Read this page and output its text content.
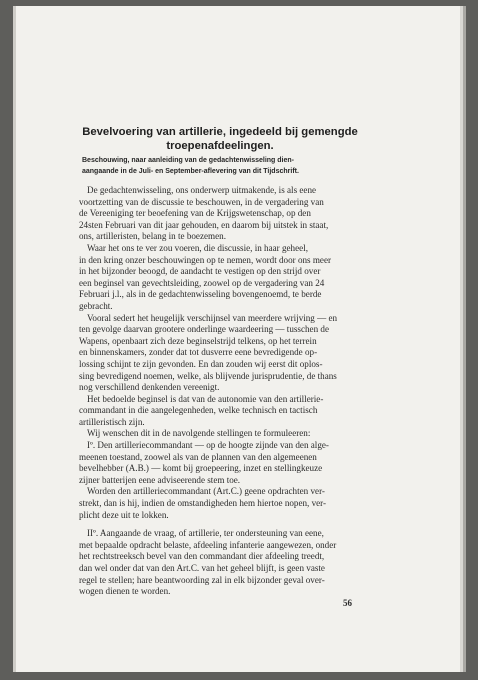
Bevelvoering van artillerie, ingedeeld bij gemengde
troepenafdeelingen.
Beschouwing, naar aanleiding van de gedachtenwisseling dien-
aangaande in de Juli- en September-aflevering van dit Tijdschrift.
De gedachtenwisseling, ons onderwerp uitmakende, is als eene
voortzetting van de discussie te beschouwen, in de vergadering van
de Vereeniging ter beoefening van de Krijgswetenschap, op den
24sten Februari van dit jaar gehouden, en daarom bij uitstek in staat,
ons, artilleristen, belang in te boezemen.
Waar het ons te ver zou voeren, die discussie, in haar geheel,
in den kring onzer beschouwingen op te nemen, wordt door ons meer
in het bijzonder beoogd, de aandacht te vestigen op den strijd over
een beginsel van gevechtsleiding, zoowel op de vergadering van 24
Februari j.l., als in de gedachtenwisseling bovengenoemd, te berde
gebracht.
Vooral sedert het heugelijk verschijnsel van meerdere wrijving — en
ten gevolge daarvan grootere onderlinge waardeering — tusschen de
Wapens, openbaart zich deze beginselstrijd telkens, op het terrein
en binnenskamers, zonder dat tot dusverre eene bevredigende op-
lossing schijnt te zijn gevonden. En dan zouden wij eerst dit oplos-
sing bevredigend noemen, welke, als blijvende jurisprudentie, de thans
nog verschillend denkenden vereenigt.
Het bedoelde beginsel is dat van de autonomie van den artillerie-
commandant in die aangelegenheden, welke technisch en tactisch
artilleristisch zijn.
Wij wenschen dit in de navolgende stellingen te formuleeren:
Iº. Den artilleriecommandant — op de hoogte zijnde van den alge-
meenen toestand, zoowel als van de plannen van den algemeenen
bevelhebber (A.B.) — komt bij groepeering, inzet en stellingkeuze
zijner batterijen eene adviseerende stem toe.
Worden den artilleriecommandant (Art.C.) geene opdrachten ver-
strekt, dan is hij, indien de omstandigheden hem hiertoe nopen, ver-
plicht deze uit te lokken.
IIº. Aangaande de vraag, of artillerie, ter ondersteuning van eene,
met bepaalde opdracht belaste, afdeeling infanterie aangewezen, onder
het rechtstreeksch bevel van den commandant dier afdeeling treedt,
dan wel onder dat van den Art.C. van het geheel blijft, is geen vaste
regel te stellen; hare beantwoording zal in elk bijzonder geval over-
wogen dienen te worden.
56
